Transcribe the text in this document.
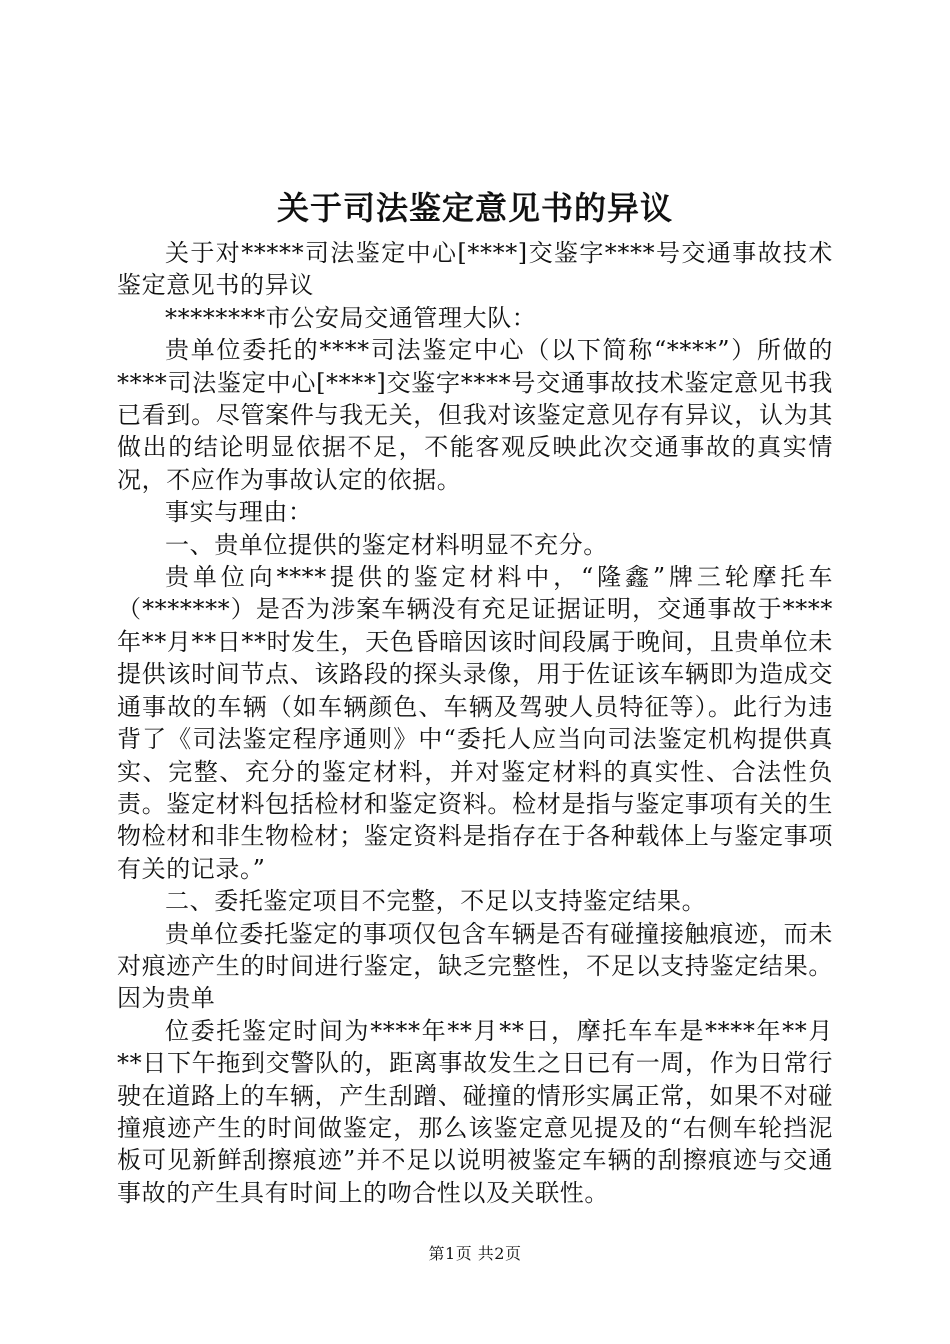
关于司法鉴定意见书的异议

关于对*****司法鉴定中心[****]交鉴字****号交通事故技术鉴定意见书的异议

********市公安局交通管理大队：

贵单位委托的****司法鉴定中心（以下简称“****”）所做的****司法鉴定中心[****]交鉴字****号交通事故技术鉴定意见书我已看到。尽管案件与我无关，但我对该鉴定意见存有异议，认为其做出的结论明显依据不足，不能客观反映此次交通事故的真实情况，不应作为事故认定的依据。

事实与理由：

一、贵单位提供的鉴定材料明显不充分。

贵单位向****提供的鉴定材料中，“隆鑫”牌三轮摩托车（*******）是否为涉案车辆没有充足证据证明，交通事故于****年**月**日**时发生，天色昏暗因该时间段属于晚间，且贵单位未提供该时间节点、该路段的探头录像，用于佐证该车辆即为造成交通事故的车辆（如车辆颜色、车辆及驾驶人员特征等）。此行为违背了《司法鉴定程序通则》中“委托人应当向司法鉴定机构提供真实、完整、充分的鉴定材料，并对鉴定材料的真实性、合法性负责。鉴定材料包括检材和鉴定资料。检材是指与鉴定事项有关的生物检材和非生物检材；鉴定资料是指存在于各种载体上与鉴定事项有关的记录。”

二、委托鉴定项目不完整，不足以支持鉴定结果。

贵单位委托鉴定的事项仅包含车辆是否有碰撞接触痕迹，而未对痕迹产生的时间进行鉴定，缺乏完整性，不足以支持鉴定结果。因为贵单

位委托鉴定时间为****年**月**日，摩托车车是****年**月**日下午拖到交警队的，距离事故发生之日已有一周，作为日常行驶在道路上的车辆，产生刮蹭、碰撞的情形实属正常，如果不对碰撞痕迹产生的时间做鉴定，那么该鉴定意见提及的“右侧车轮挡泥板可见新鲜刮擦痕迹”并不足以说明被鉴定车辆的刮擦痕迹与交通事故的产生具有时间上的吻合性以及关联性。

第1页 共2页
